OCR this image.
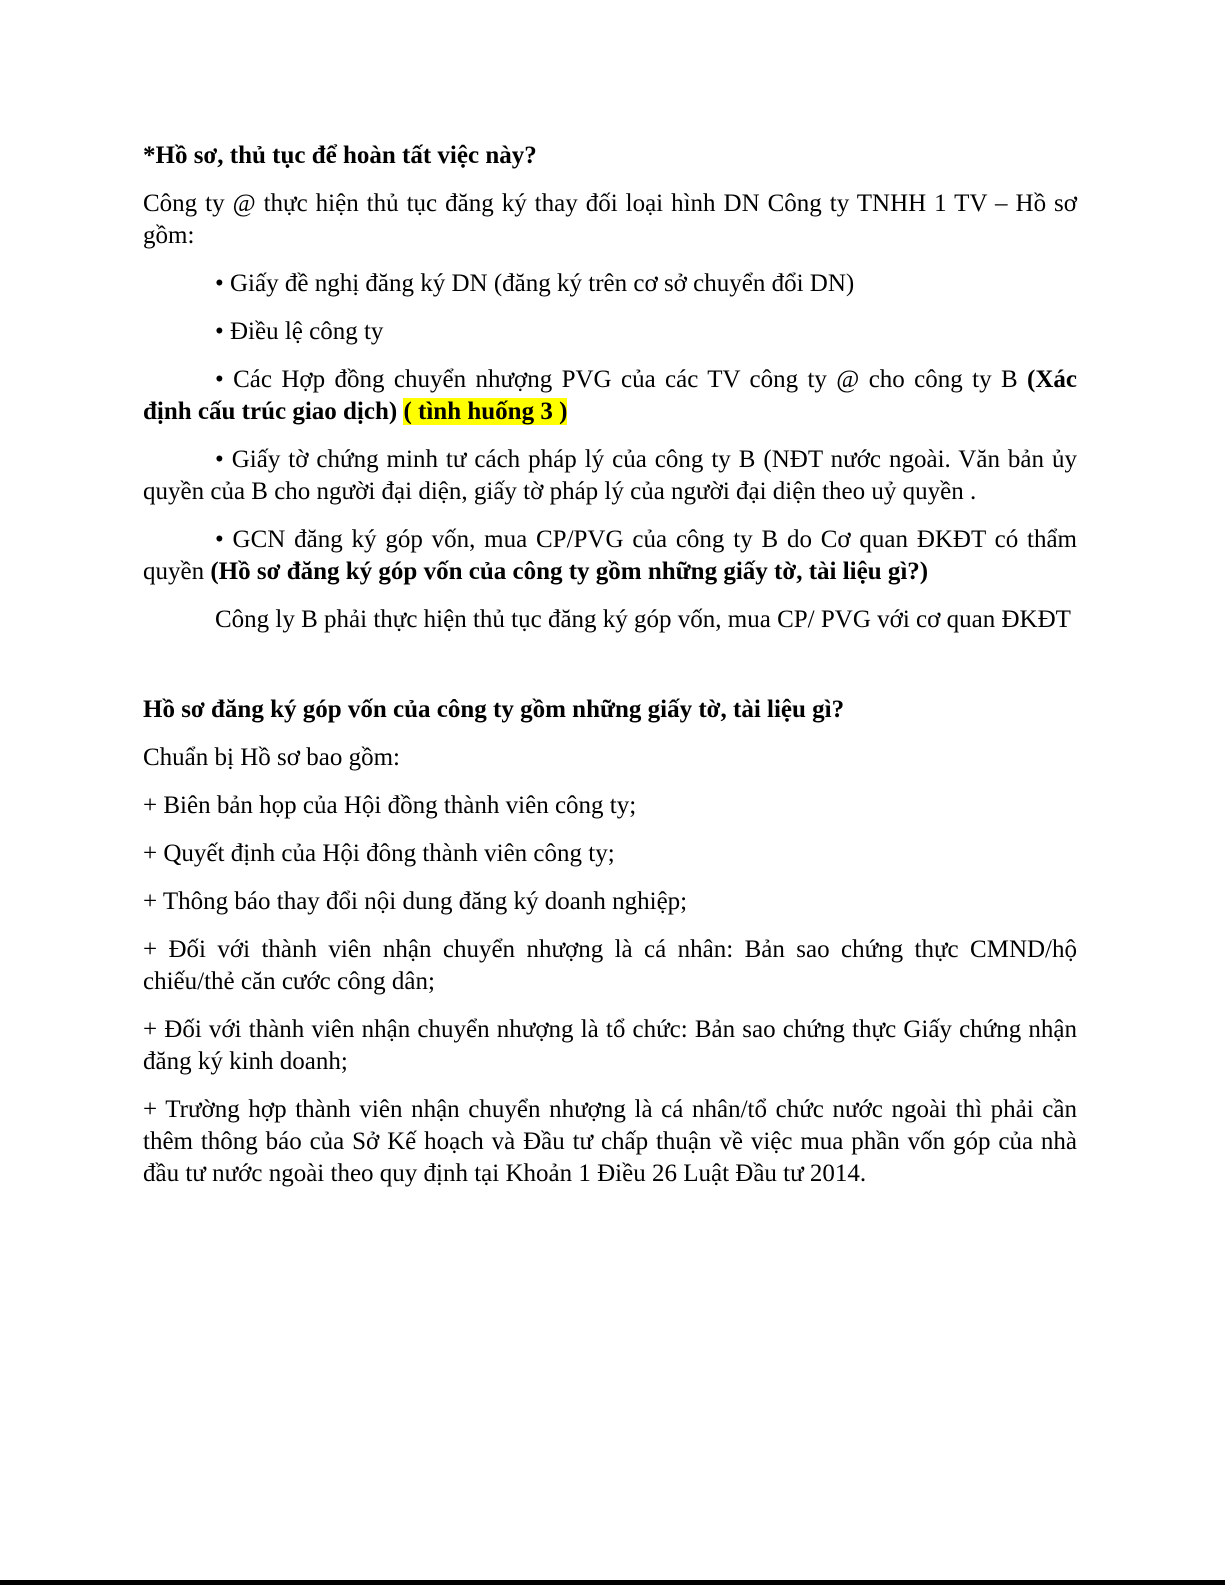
*Hồ sơ, thủ tục để hoàn tất việc này?

Công ty @ thực hiện thủ tục đăng ký thay đối loại hình DN Công ty TNHH 1 TV – Hồ sơ gồm:

• Giấy đề nghị đăng ký DN (đăng ký trên cơ sở chuyển đổi DN)

• Điều lệ công ty

• Các Hợp đồng chuyển nhượng PVG của các TV công ty @ cho công ty B (Xác định cấu trúc giao dịch) ( tình huống 3 )

• Giấy tờ chứng minh tư cách pháp lý của công ty B (NĐT nước ngoài. Văn bản ủy quyền của B cho người đại diện, giấy tờ pháp lý của người đại diện theo uỷ quyền .

• GCN đăng ký góp vốn, mua CP/PVG của công ty B do Cơ quan ĐKĐT có thẩm quyền (Hồ sơ đăng ký góp vốn của công ty gồm những giấy tờ, tài liệu gì?)

Công ly B phải thực hiện thủ tục đăng ký góp vốn, mua CP/ PVG với cơ quan ĐKĐT

Hồ sơ đăng ký góp vốn của công ty gồm những giấy tờ, tài liệu gì?

Chuẩn bị Hồ sơ bao gồm:

+ Biên bản họp của Hội đồng thành viên công ty;

+ Quyết định của Hội đông thành viên công ty;

+ Thông báo thay đổi nội dung đăng ký doanh nghiệp;

+ Đối với thành viên nhận chuyển nhượng là cá nhân: Bản sao chứng thực CMND/hộ chiếu/thẻ căn cước công dân;

+ Đối với thành viên nhận chuyển nhượng là tổ chức: Bản sao chứng thực Giấy chứng nhận đăng ký kinh doanh;

+ Trường hợp thành viên nhận chuyển nhượng là cá nhân/tổ chức nước ngoài thì phải cần thêm thông báo của Sở Kế hoạch và Đầu tư chấp thuận về việc mua phần vốn góp của nhà đầu tư nước ngoài theo quy định tại Khoản 1 Điều 26 Luật Đầu tư 2014.
